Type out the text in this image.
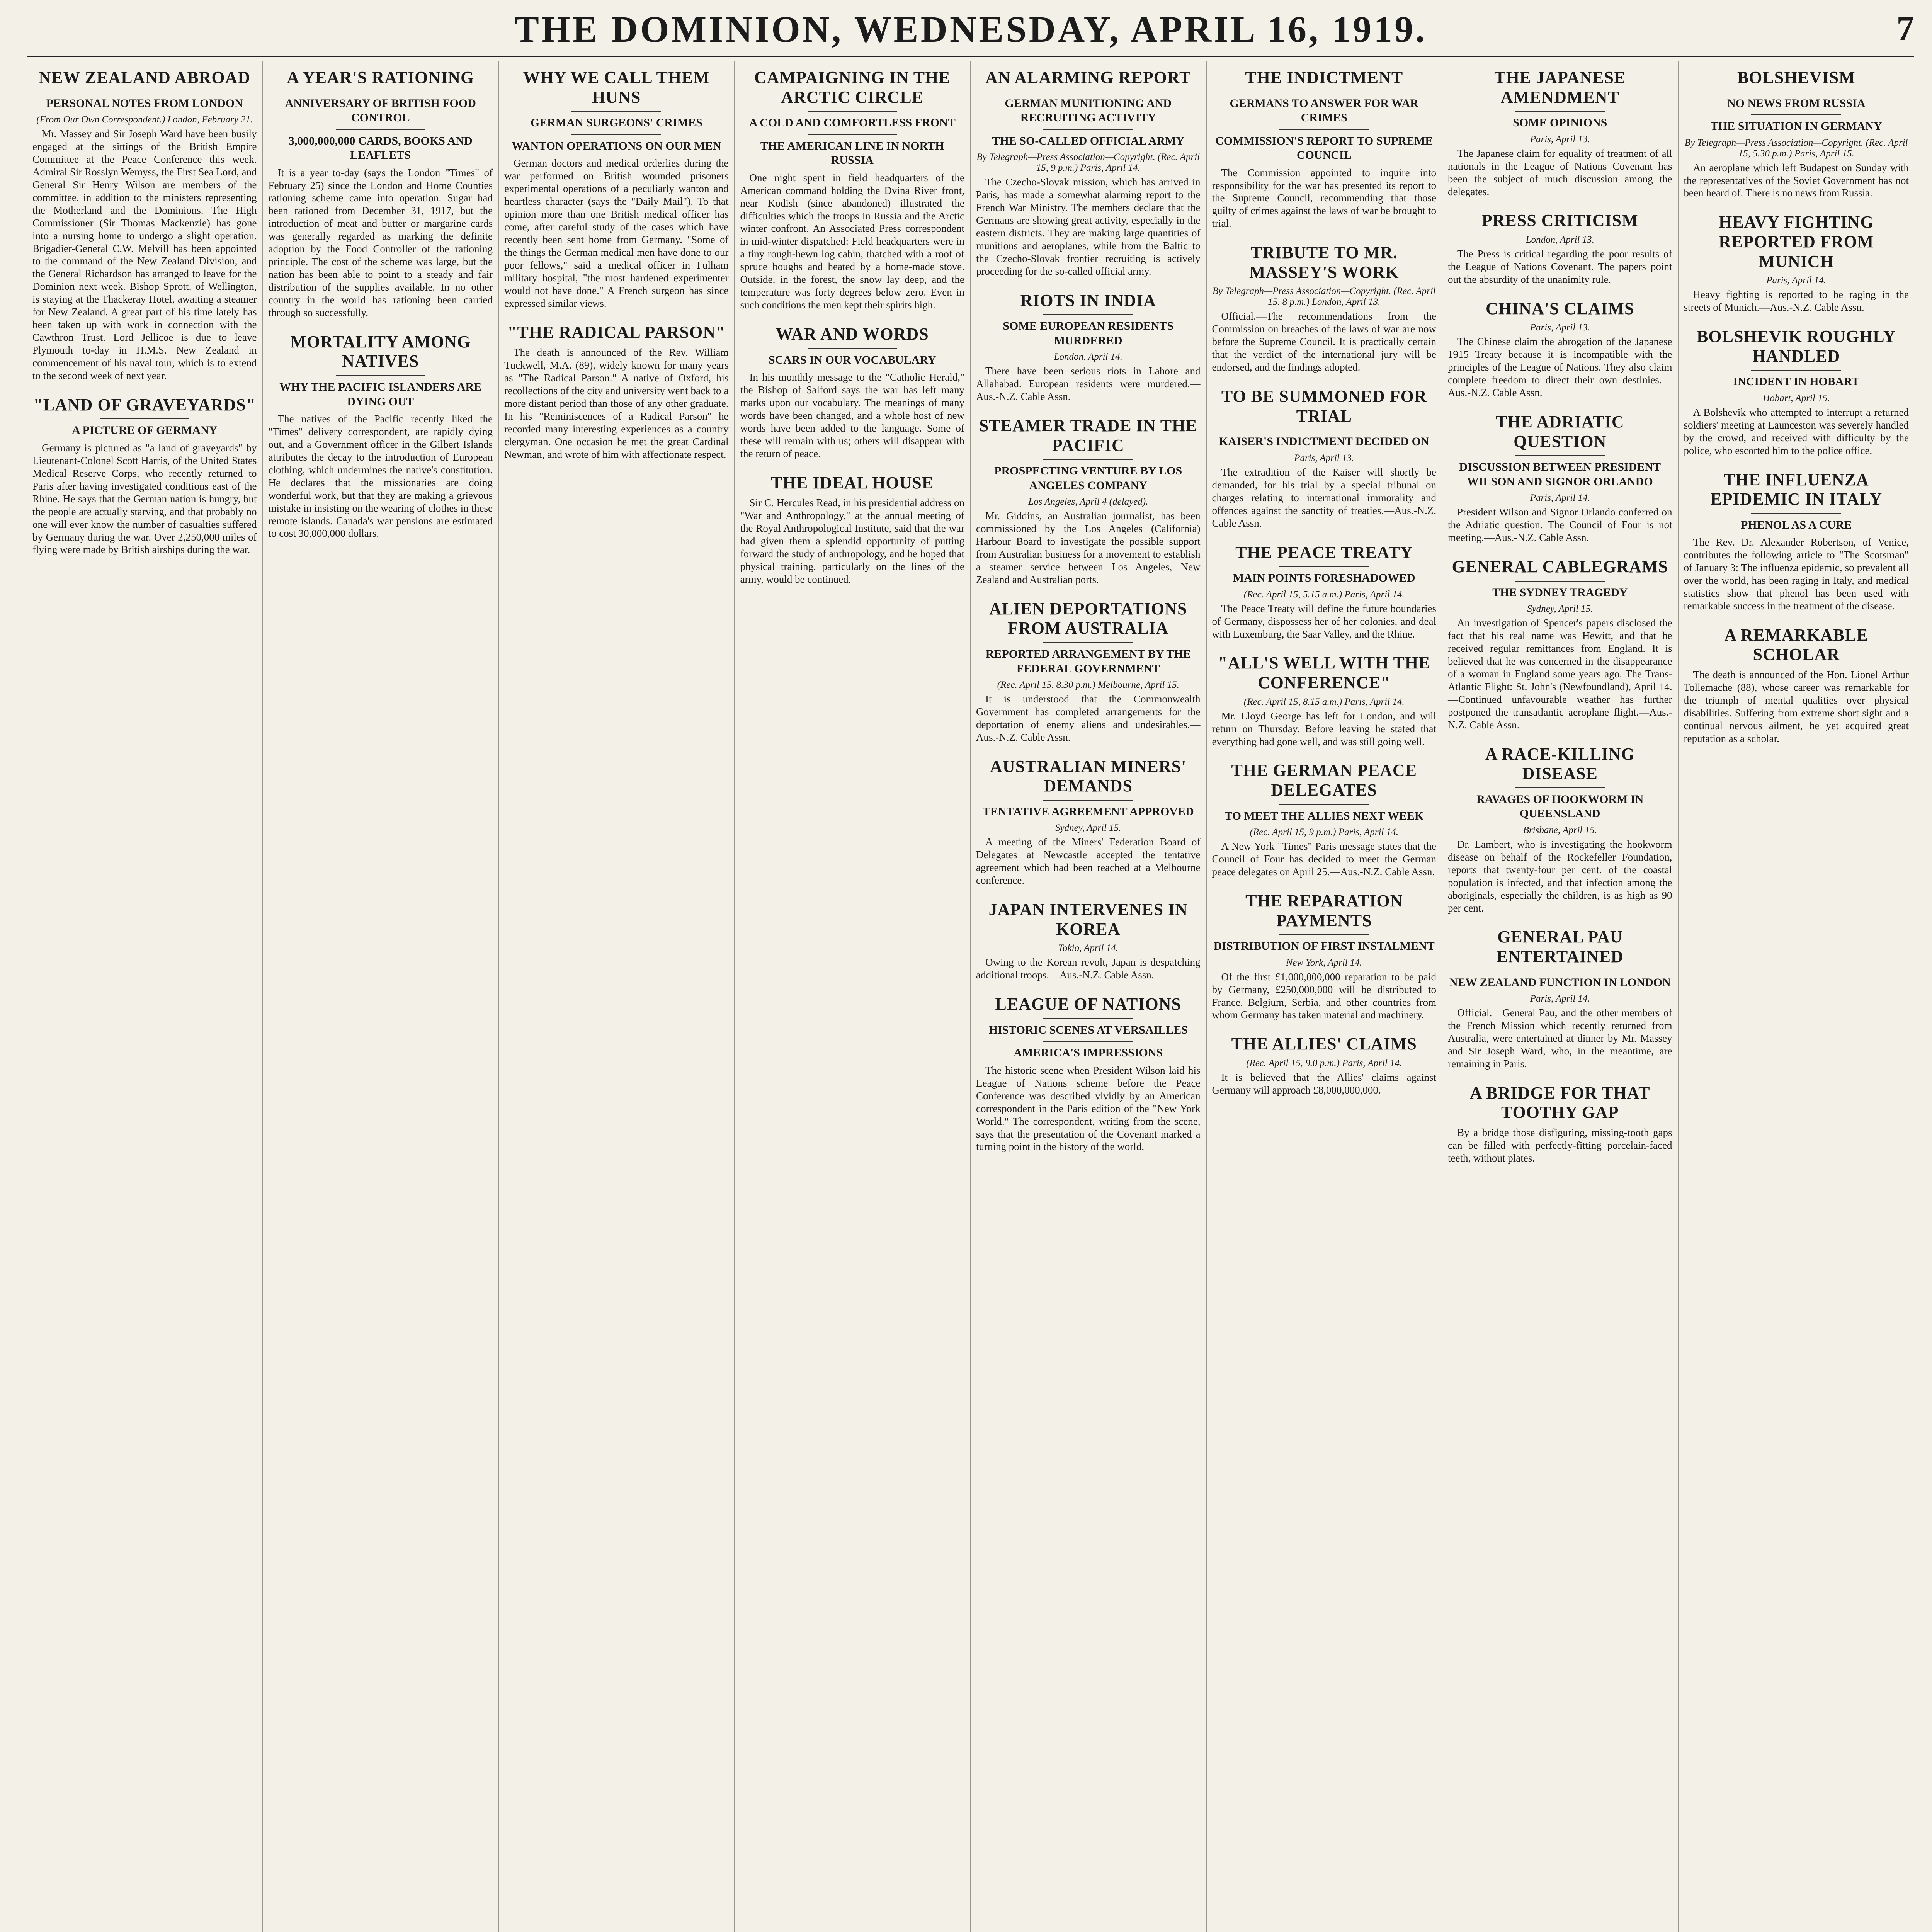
THE DOMINION, WEDNESDAY, APRIL 16, 1919.	7
NEW ZEALAND ABROAD
PERSONAL NOTES FROM LONDON
(From Our Own Correspondent.) London, February 21.

Mr. Massey and Sir Joseph Ward have been busily engaged at the sittings of the British Empire Committee at the Peace Conference this week. Admiral Sir Rosslyn Wemyss, the First Sea Lord, and General Sir Henry Wilson are members of the committee, in addition to the ministers representing the Motherland and the Dominions. The High Commissioner (Sir Thomas Mackenzie) has gone into a nursing home to undergo a slight operation. Brigadier-General C.W. Melvill has been appointed to the command of the New Zealand Division, and the General Richardson has arranged to leave for the Dominion next week. Bishop Sprott, of Wellington, is staying at the Thackeray Hotel, awaiting a steamer for New Zealand. A great part of his time lately has been taken up with work in connection with the Cawthron Trust. Lord Jellicoe is due to leave Plymouth to-day in H.M.S. New Zealand in commencement of his naval tour, which is to extend to the second week of next year.

"LAND OF GRAVEYARDS"
A PICTURE OF GERMANY

Germany is pictured as "a land of graveyards" by Lieutenant-Colonel Scott Harris, of the United States Medical Reserve Corps, who recently returned to Paris after having investigated conditions east of the Rhine. He says that the German nation is hungry, but the people are actually starving, and that probably no one will ever know the number of casualties suffered by Germany during the war. Over 2,250,000 miles of flying were made by British airships during the war.

A YEAR'S RATIONING
ANNIVERSARY OF BRITISH FOOD CONTROL
3,000,000,000 CARDS, BOOKS AND LEAFLETS

It is a year to-day (says the London "Times" of February 25) since the London and Home Counties rationing scheme came into operation. Sugar had been rationed from December 31, 1917, but the introduction of meat and butter or margarine cards was generally regarded as marking the definite adoption by the Food Controller of the rationing principle. The cost of the scheme was large, but the nation has been able to point to a steady and fair distribution of the supplies available. In no other country in the world has rationing been carried through so successfully.

MORTALITY AMONG NATIVES
WHY THE PACIFIC ISLANDERS ARE DYING OUT

The natives of the Pacific recently liked the "Times" delivery correspondent, are rapidly dying out, and a Government officer in the Gilbert Islands attributes the decay to the introduction of European clothing, which undermines the native's constitution. He declares that the missionaries are doing wonderful work, but that they are making a grievous mistake in insisting on the wearing of clothes in these remote islands. Canada's war pensions are estimated to cost 30,000,000 dollars.

WHY WE CALL THEM HUNS
GERMAN SURGEONS' CRIMES
WANTON OPERATIONS ON OUR MEN

German doctors and medical orderlies during the war performed on British wounded prisoners experimental operations of a peculiarly wanton and heartless character (says the "Daily Mail"). To that opinion more than one British medical officer has come, after careful study of the cases which have recently been sent home from Germany. "Some of the things the German medical men have done to our poor fellows," said a medical officer in Fulham military hospital, "the most hardened experimenter would not have done." A French surgeon has since expressed similar views.

"THE RADICAL PARSON"

The death is announced of the Rev. William Tuckwell, M.A. (89), widely known for many years as "The Radical Parson." A native of Oxford, his recollections of the city and university went back to a more distant period than those of any other graduate. In his "Reminiscences of a Radical Parson" he recorded many interesting experiences as a country clergyman. One occasion he met the great Cardinal Newman, and wrote of him with affectionate respect.

CAMPAIGNING IN THE ARCTIC CIRCLE
A COLD AND COMFORTLESS FRONT
THE AMERICAN LINE IN NORTH RUSSIA

One night spent in field headquarters of the American command holding the Dvina River front, near Kodish (since abandoned) illustrated the difficulties which the troops in Russia and the Arctic winter confront. An Associated Press correspondent in mid-winter dispatched: Field headquarters were in a tiny rough-hewn log cabin, thatched with a roof of spruce boughs and heated by a home-made stove. Outside, in the forest, the snow lay deep, and the temperature was forty degrees below zero. Even in such conditions the men kept their spirits high.

WAR AND WORDS
SCARS IN OUR VOCABULARY

In his monthly message to the "Catholic Herald," the Bishop of Salford says the war has left many marks upon our vocabulary. The meanings of many words have been changed, and a whole host of new words have been added to the language. Some of these will remain with us; others will disappear with the return of peace.

THE IDEAL HOUSE

Sir C. Hercules Read, in his presidential address on "War and Anthropology," at the annual meeting of the Royal Anthropological Institute, said that the war had given them a splendid opportunity of putting forward the study of anthropology, and he hoped that physical training, particularly on the lines of the army, would be continued.

AN ALARMING REPORT
GERMAN MUNITIONING AND RECRUITING ACTIVITY
THE SO-CALLED OFFICIAL ARMY
By Telegraph—Press Association—Copyright. (Rec. April 15, 9 p.m.) Paris, April 14.

The Czecho-Slovak mission, which has arrived in Paris, has made a somewhat alarming report to the French War Ministry. The members declare that the Germans are showing great activity, especially in the eastern districts. They are making large quantities of munitions and aeroplanes, while from the Baltic to the Czecho-Slovak frontier recruiting is actively proceeding for the so-called official army.

RIOTS IN INDIA
SOME EUROPEAN RESIDENTS MURDERED
London, April 14.

There have been serious riots in Lahore and Allahabad. European residents were murdered.—Aus.-N.Z. Cable Assn.

STEAMER TRADE IN THE PACIFIC
PROSPECTING VENTURE BY LOS ANGELES COMPANY
Los Angeles, April 4 (delayed).

Mr. Giddins, an Australian journalist, has been commissioned by the Los Angeles (California) Harbour Board to investigate the possible support from Australian business for a movement to establish a steamer service between Los Angeles, New Zealand and Australian ports.

ALIEN DEPORTATIONS FROM AUSTRALIA
REPORTED ARRANGEMENT BY THE FEDERAL GOVERNMENT
(Rec. April 15, 8.30 p.m.) Melbourne, April 15.

It is understood that the Commonwealth Government has completed arrangements for the deportation of enemy aliens and undesirables.—Aus.-N.Z. Cable Assn.

AUSTRALIAN MINERS' DEMANDS
TENTATIVE AGREEMENT APPROVED
Sydney, April 15.

A meeting of the Miners' Federation Board of Delegates at Newcastle accepted the tentative agreement which had been reached at a Melbourne conference.

JAPAN INTERVENES IN KOREA
Tokio, April 14.

Owing to the Korean revolt, Japan is despatching additional troops.—Aus.-N.Z. Cable Assn.

LEAGUE OF NATIONS
HISTORIC SCENES AT VERSAILLES
AMERICA'S IMPRESSIONS

The historic scene when President Wilson laid his League of Nations scheme before the Peace Conference was described vividly by an American correspondent in the Paris edition of the "New York World." The correspondent, writing from the scene, says that the presentation of the Covenant marked a turning point in the history of the world.

THE INDICTMENT
GERMANS TO ANSWER FOR WAR CRIMES
COMMISSION'S REPORT TO SUPREME COUNCIL

The Commission appointed to inquire into responsibility for the war has presented its report to the Supreme Council, recommending that those guilty of crimes against the laws of war be brought to trial.

TRIBUTE TO MR. MASSEY'S WORK
By Telegraph—Press Association—Copyright. (Rec. April 15, 8 p.m.) London, April 13.

Official.—The recommendations from the Commission on breaches of the laws of war are now before the Supreme Council. It is practically certain that the verdict of the international jury will be endorsed, and the findings adopted.

TO BE SUMMONED FOR TRIAL
KAISER'S INDICTMENT DECIDED ON
Paris, April 13.

The extradition of the Kaiser will shortly be demanded, for his trial by a special tribunal on charges relating to international immorality and offences against the sanctity of treaties.—Aus.-N.Z. Cable Assn.

THE PEACE TREATY
MAIN POINTS FORESHADOWED
(Rec. April 15, 5.15 a.m.) Paris, April 14.

The Peace Treaty will define the future boundaries of Germany, dispossess her of her colonies, and deal with Luxemburg, the Saar Valley, and the Rhine.

"ALL'S WELL WITH THE CONFERENCE"
(Rec. April 15, 8.15 a.m.) Paris, April 14.

Mr. Lloyd George has left for London, and will return on Thursday. Before leaving he stated that everything had gone well, and was still going well.

THE GERMAN PEACE DELEGATES
TO MEET THE ALLIES NEXT WEEK
(Rec. April 15, 9 p.m.) Paris, April 14.

A New York "Times" Paris message states that the Council of Four has decided to meet the German peace delegates on April 25.—Aus.-N.Z. Cable Assn.

THE REPARATION PAYMENTS
DISTRIBUTION OF FIRST INSTALMENT
New York, April 14.

Of the first £1,000,000,000 reparation to be paid by Germany, £250,000,000 will be distributed to France, Belgium, Serbia, and other countries from whom Germany has taken material and machinery.

THE ALLIES' CLAIMS
(Rec. April 15, 9.0 p.m.) Paris, April 14.

It is believed that the Allies' claims against Germany will approach £8,000,000,000.

THE JAPANESE AMENDMENT
SOME OPINIONS
Paris, April 13.

The Japanese claim for equality of treatment of all nationals in the League of Nations Covenant has been the subject of much discussion among the delegates.

PRESS CRITICISM
London, April 13.

The Press is critical regarding the poor results of the League of Nations Covenant. The papers point out the absurdity of the unanimity rule.

CHINA'S CLAIMS
Paris, April 13.

The Chinese claim the abrogation of the Japanese 1915 Treaty because it is incompatible with the principles of the League of Nations. They also claim complete freedom to direct their own destinies.—Aus.-N.Z. Cable Assn.

THE ADRIATIC QUESTION
DISCUSSION BETWEEN PRESIDENT WILSON AND SIGNOR ORLANDO
Paris, April 14.

President Wilson and Signor Orlando conferred on the Adriatic question. The Council of Four is not meeting.—Aus.-N.Z. Cable Assn.

GENERAL CABLEGRAMS
THE SYDNEY TRAGEDY
Sydney, April 15.

An investigation of Spencer's papers disclosed the fact that his real name was Hewitt, and that he received regular remittances from England. It is believed that he was concerned in the disappearance of a woman in England some years ago. The Trans-Atlantic Flight: St. John's (Newfoundland), April 14.—Continued unfavourable weather has further postponed the transatlantic aeroplane flight.—Aus.-N.Z. Cable Assn.

A RACE-KILLING DISEASE
RAVAGES OF HOOKWORM IN QUEENSLAND
Brisbane, April 15.

Dr. Lambert, who is investigating the hookworm disease on behalf of the Rockefeller Foundation, reports that twenty-four per cent. of the coastal population is infected, and that infection among the aboriginals, especially the children, is as high as 90 per cent.

GENERAL PAU ENTERTAINED
NEW ZEALAND FUNCTION IN LONDON
Paris, April 14.

Official.—General Pau, and the other members of the French Mission which recently returned from Australia, were entertained at dinner by Mr. Massey and Sir Joseph Ward, who, in the meantime, are remaining in Paris.

A BRIDGE FOR THAT TOOTHY GAP

By a bridge those disfiguring, missing-tooth gaps can be filled with perfectly-fitting porcelain-faced teeth, without plates.

BOLSHEVISM
NO NEWS FROM RUSSIA
THE SITUATION IN GERMANY
By Telegraph—Press Association—Copyright. (Rec. April 15, 5.30 p.m.) Paris, April 15.

An aeroplane which left Budapest on Sunday with the representatives of the Soviet Government has not been heard of. There is no news from Russia.

HEAVY FIGHTING REPORTED FROM MUNICH
Paris, April 14.

Heavy fighting is reported to be raging in the streets of Munich.—Aus.-N.Z. Cable Assn.

BOLSHEVIK ROUGHLY HANDLED
INCIDENT IN HOBART
Hobart, April 15.

A Bolshevik who attempted to interrupt a returned soldiers' meeting at Launceston was severely handled by the crowd, and received with difficulty by the police, who escorted him to the police office.

THE INFLUENZA EPIDEMIC IN ITALY
PHENOL AS A CURE

The Rev. Dr. Alexander Robertson, of Venice, contributes the following article to "The Scotsman" of January 3: The influenza epidemic, so prevalent all over the world, has been raging in Italy, and medical statistics show that phenol has been used with remarkable success in the treatment of the disease.

A REMARKABLE SCHOLAR

The death is announced of the Hon. Lionel Arthur Tollemache (88), whose career was remarkable for the triumph of mental qualities over physical disabilities. Suffering from extreme short sight and a continual nervous ailment, he yet acquired great reputation as a scholar.
